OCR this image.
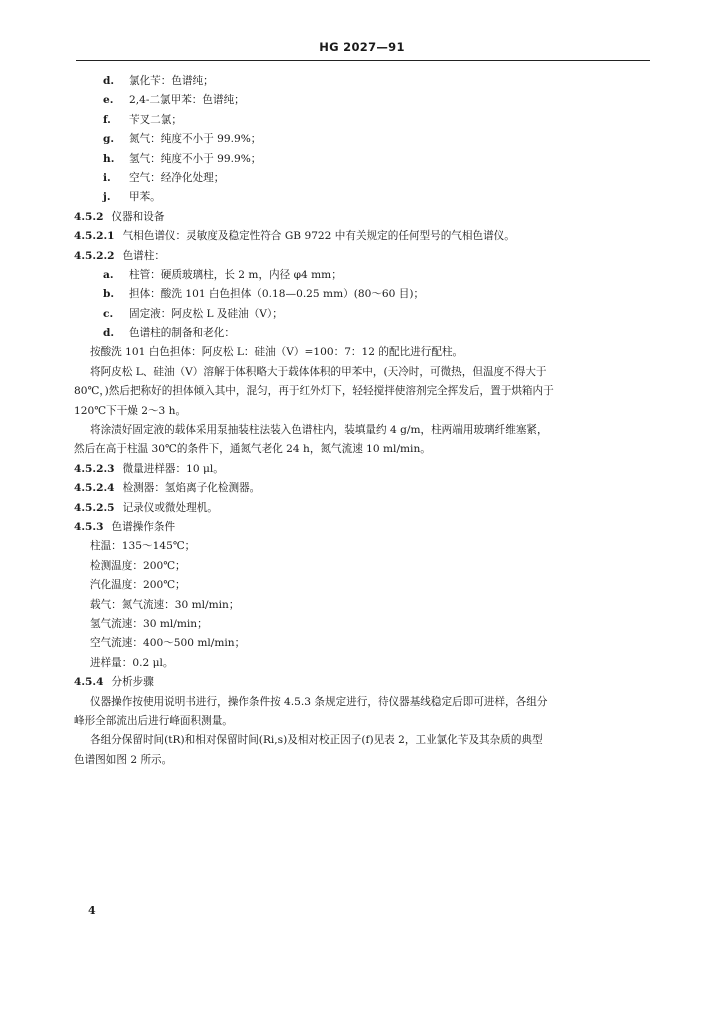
HG 2027—91
d. 氯化苄：色谱纯；
e. 2,4-二氯甲苯：色谱纯；
f. 苄叉二氯；
g. 氮气：纯度不小于 99.9%；
h. 氢气：纯度不小于 99.9%；
i. 空气：经净化处理；
j. 甲苯。
4.5.2 仪器和设备
4.5.2.1 气相色谱仪：灵敏度及稳定性符合 GB 9722 中有关规定的任何型号的气相色谱仪。
4.5.2.2 色谱柱：
a. 柱管：硬质玻璃柱，长 2 m，内径 φ4 mm；
b. 担体：酸洗 101 白色担体（0.18—0.25 mm）(80～60 目)；
c. 固定液：阿皮松 L 及硅油（V）；
d. 色谱柱的制备和老化：
按酸洗 101 白色担体：阿皮松 L：硅油（V）=100：7：12 的配比进行配柱。
将阿皮松 L、硅油（V）溶解于体积略大于载体体积的甲苯中，(天冷时，可微热，但温度不得大于
80℃，)然后把称好的担体倾入其中，混匀，再于红外灯下，轻轻搅拌使溶剂完全挥发后，置于烘箱内于
120℃下干燥 2～3 h。
将涂渍好固定液的载体采用泵抽装柱法装入色谱柱内，装填量约 4 g/m，柱两端用玻璃纤维塞紧，
然后在高于柱温 30℃的条件下，通氮气老化 24 h，氮气流速 10 ml/min。
4.5.2.3 微量进样器：10 μl。
4.5.2.4 检测器：氢焰离子化检测器。
4.5.2.5 记录仪或微处理机。
4.5.3 色谱操作条件
柱温：135～145℃；
检测温度：200℃；
汽化温度：200℃；
载气：氮气流速：30 ml/min；
氢气流速：30 ml/min；
空气流速：400～500 ml/min；
进样量：0.2 μl。
4.5.4 分析步骤
仪器操作按使用说明书进行，操作条件按 4.5.3 条规定进行，待仪器基线稳定后即可进样，各组分
峰形全部流出后进行峰面积测量。
各组分保留时间(tR)和相对保留时间(Ri,s)及相对校正因子(f)见表 2，工业氯化苄及其杂质的典型
色谱图如图 2 所示。
4
